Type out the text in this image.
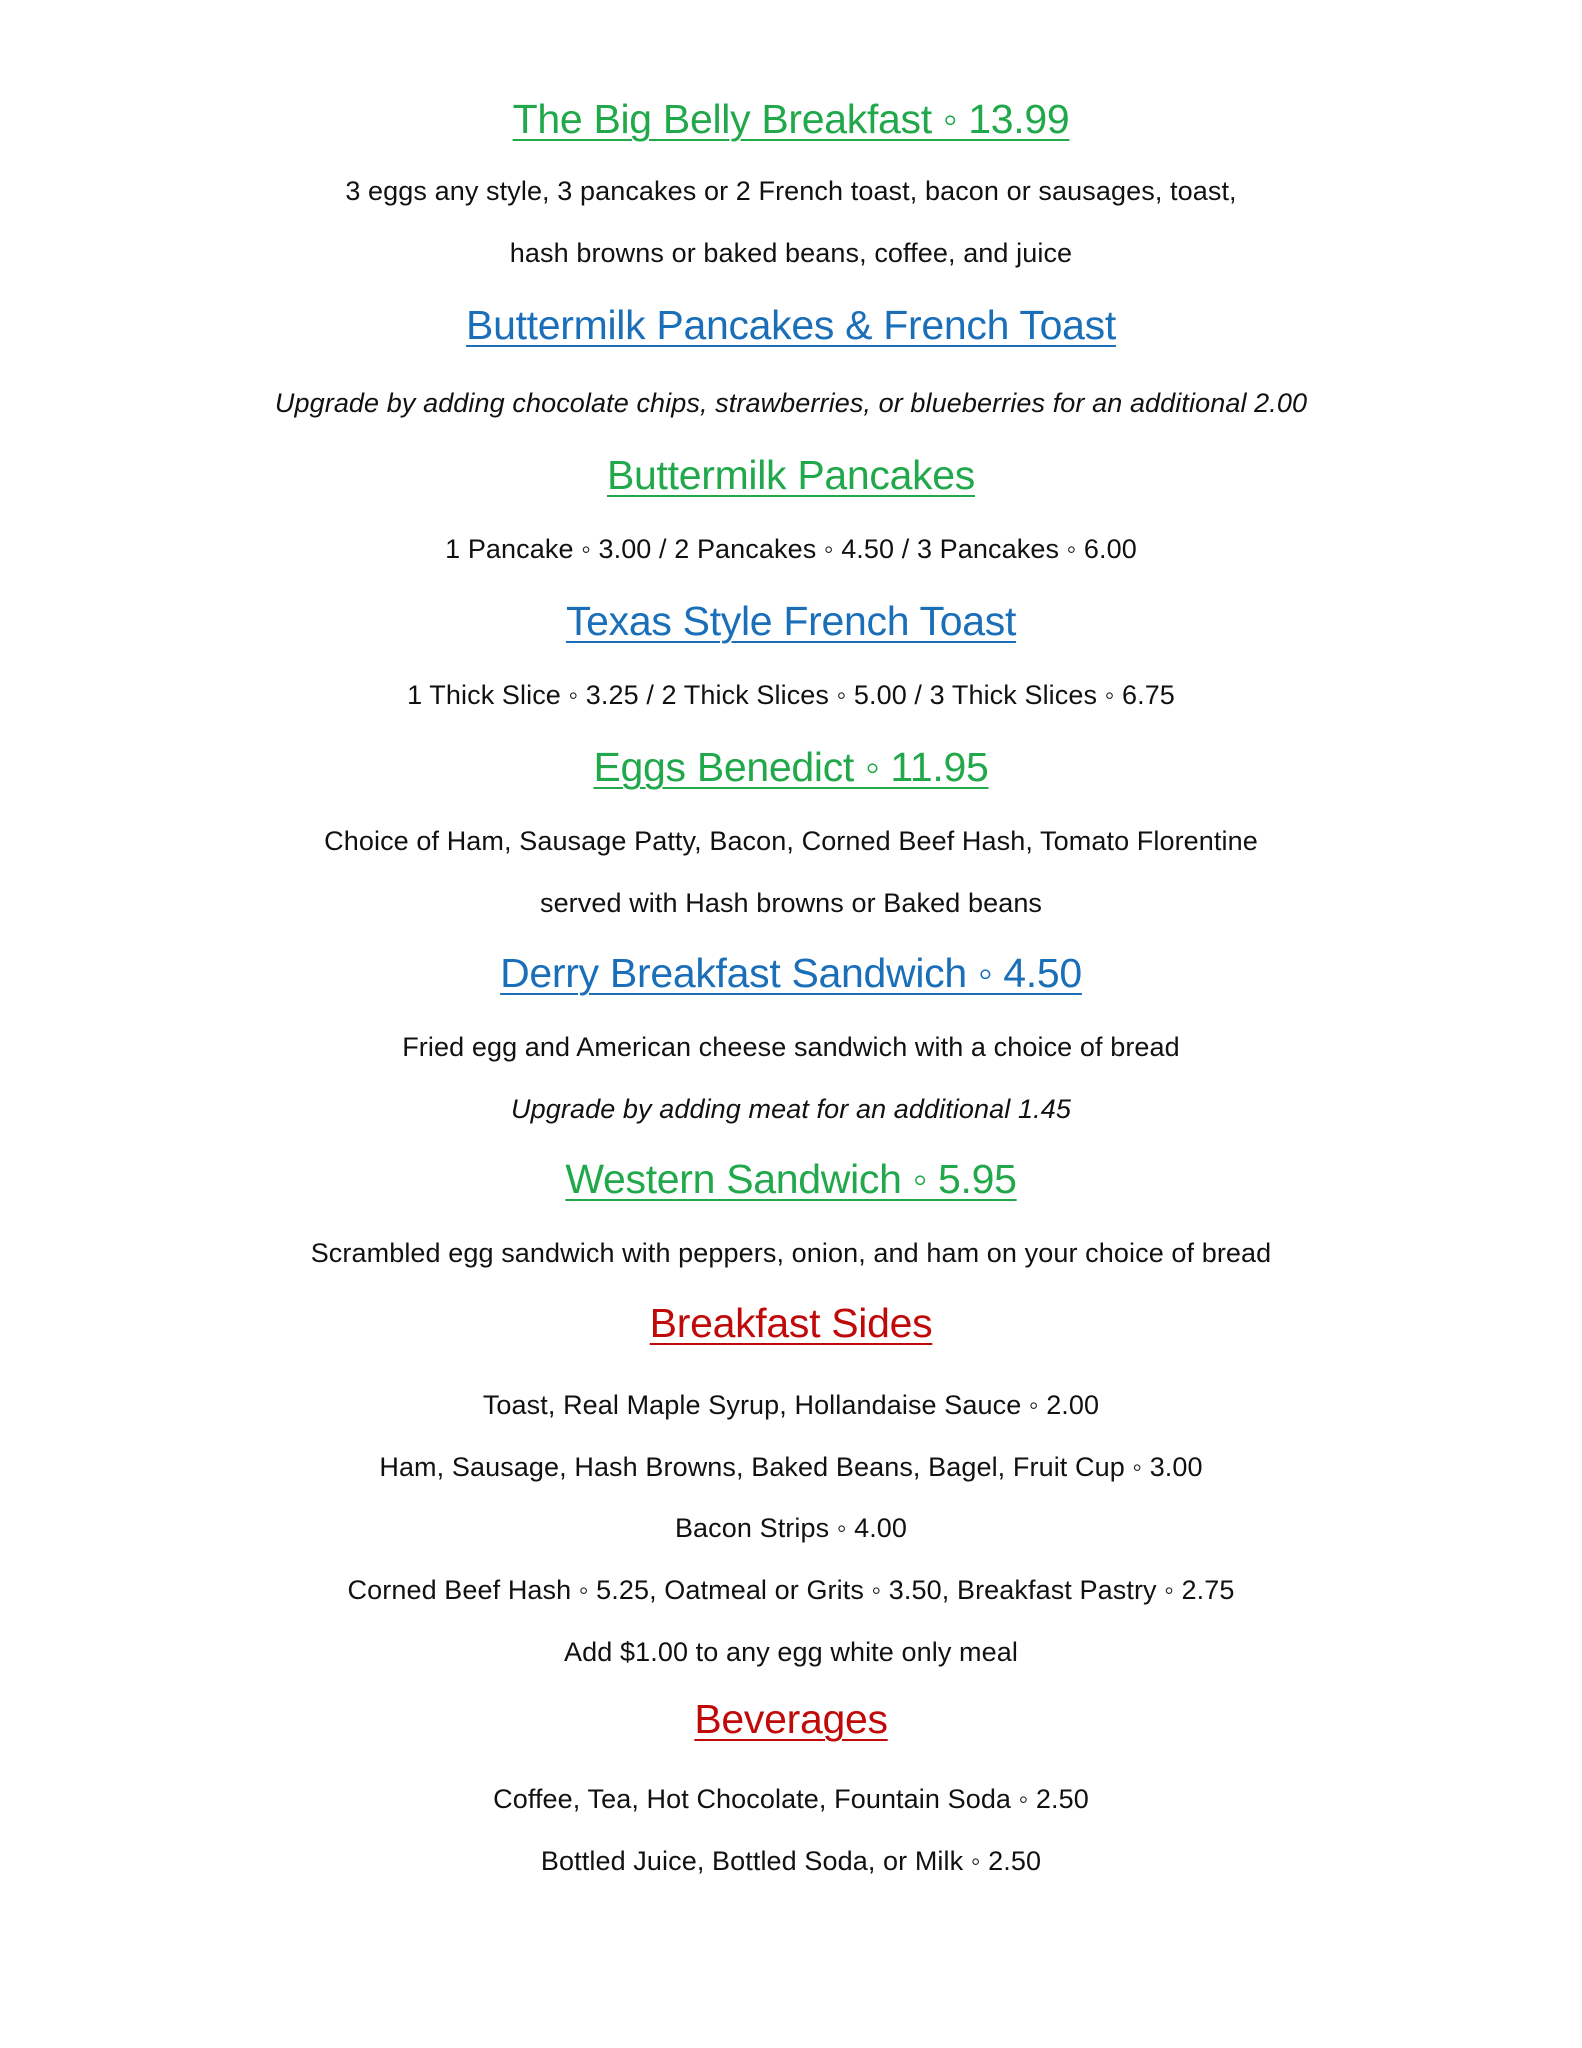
The Big Belly Breakfast ◦ 13.99

3 eggs any style, 3 pancakes or 2 French toast, bacon or sausages, toast,

hash browns or baked beans, coffee, and juice

Buttermilk Pancakes & French Toast

Upgrade by adding chocolate chips, strawberries, or blueberries for an additional 2.00

Buttermilk Pancakes

1 Pancake ◦ 3.00 / 2 Pancakes ◦ 4.50 / 3 Pancakes ◦ 6.00

Texas Style French Toast

1 Thick Slice ◦ 3.25 / 2 Thick Slices ◦ 5.00 / 3 Thick Slices ◦ 6.75

Eggs Benedict ◦ 11.95

Choice of Ham, Sausage Patty, Bacon, Corned Beef Hash, Tomato Florentine

served with Hash browns or Baked beans

Derry Breakfast Sandwich ◦ 4.50

Fried egg and American cheese sandwich with a choice of bread

Upgrade by adding meat for an additional 1.45

Western Sandwich ◦ 5.95

Scrambled egg sandwich with peppers, onion, and ham on your choice of bread

Breakfast Sides

Toast, Real Maple Syrup, Hollandaise Sauce ◦ 2.00

Ham, Sausage, Hash Browns, Baked Beans, Bagel, Fruit Cup ◦ 3.00

Bacon Strips ◦ 4.00

Corned Beef Hash ◦ 5.25, Oatmeal or Grits ◦ 3.50, Breakfast Pastry ◦ 2.75

Add $1.00 to any egg white only meal

Beverages

Coffee, Tea, Hot Chocolate, Fountain Soda ◦ 2.50

Bottled Juice, Bottled Soda, or Milk ◦ 2.50
